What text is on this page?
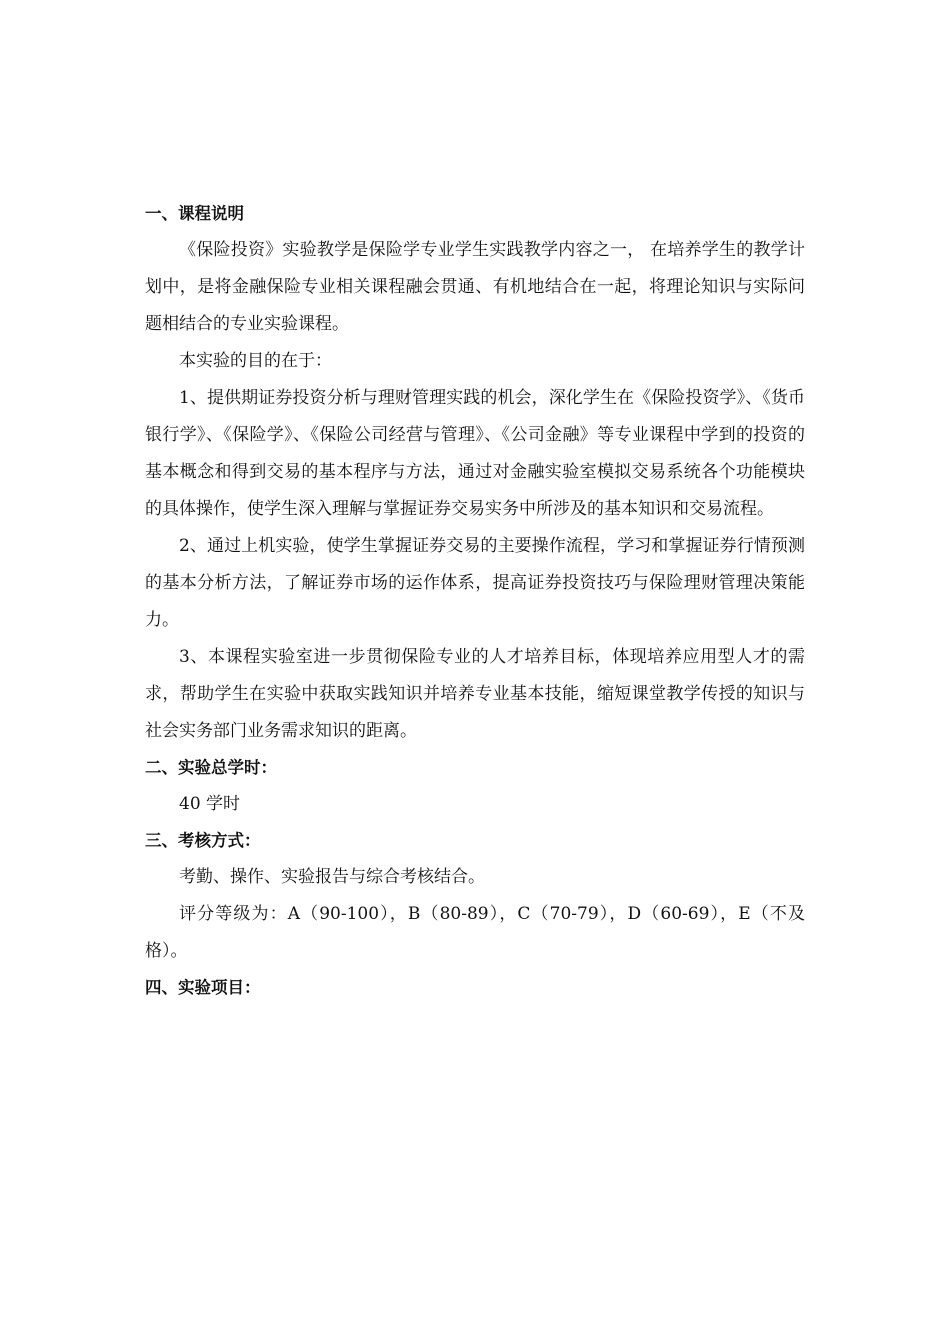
一、课程说明

《保险投资》实验教学是保险学专业学生实践教学内容之一， 在培养学生的教学计划中，是将金融保险专业相关课程融会贯通、有机地结合在一起，将理论知识与实际问题相结合的专业实验课程。

本实验的目的在于：

1、提供期证券投资分析与理财管理实践的机会，深化学生在《保险投资学》、《货币银行学》、《保险学》、《保险公司经营与管理》、《公司金融》等专业课程中学到的投资的基本概念和得到交易的基本程序与方法，通过对金融实验室模拟交易系统各个功能模块的具体操作，使学生深入理解与掌握证券交易实务中所涉及的基本知识和交易流程。

2、通过上机实验，使学生掌握证券交易的主要操作流程，学习和掌握证券行情预测的基本分析方法，了解证券市场的运作体系，提高证券投资技巧与保险理财管理决策能力。

3、本课程实验室进一步贯彻保险专业的人才培养目标，体现培养应用型人才的需求，帮助学生在实验中获取实践知识并培养专业基本技能，缩短课堂教学传授的知识与社会实务部门业务需求知识的距离。

二、实验总学时：

40 学时

三、考核方式：

考勤、操作、实验报告与综合考核结合。

评分等级为：A（90-100），B（80-89），C（70-79），D（60-69），E（不及格）。

四、实验项目：
